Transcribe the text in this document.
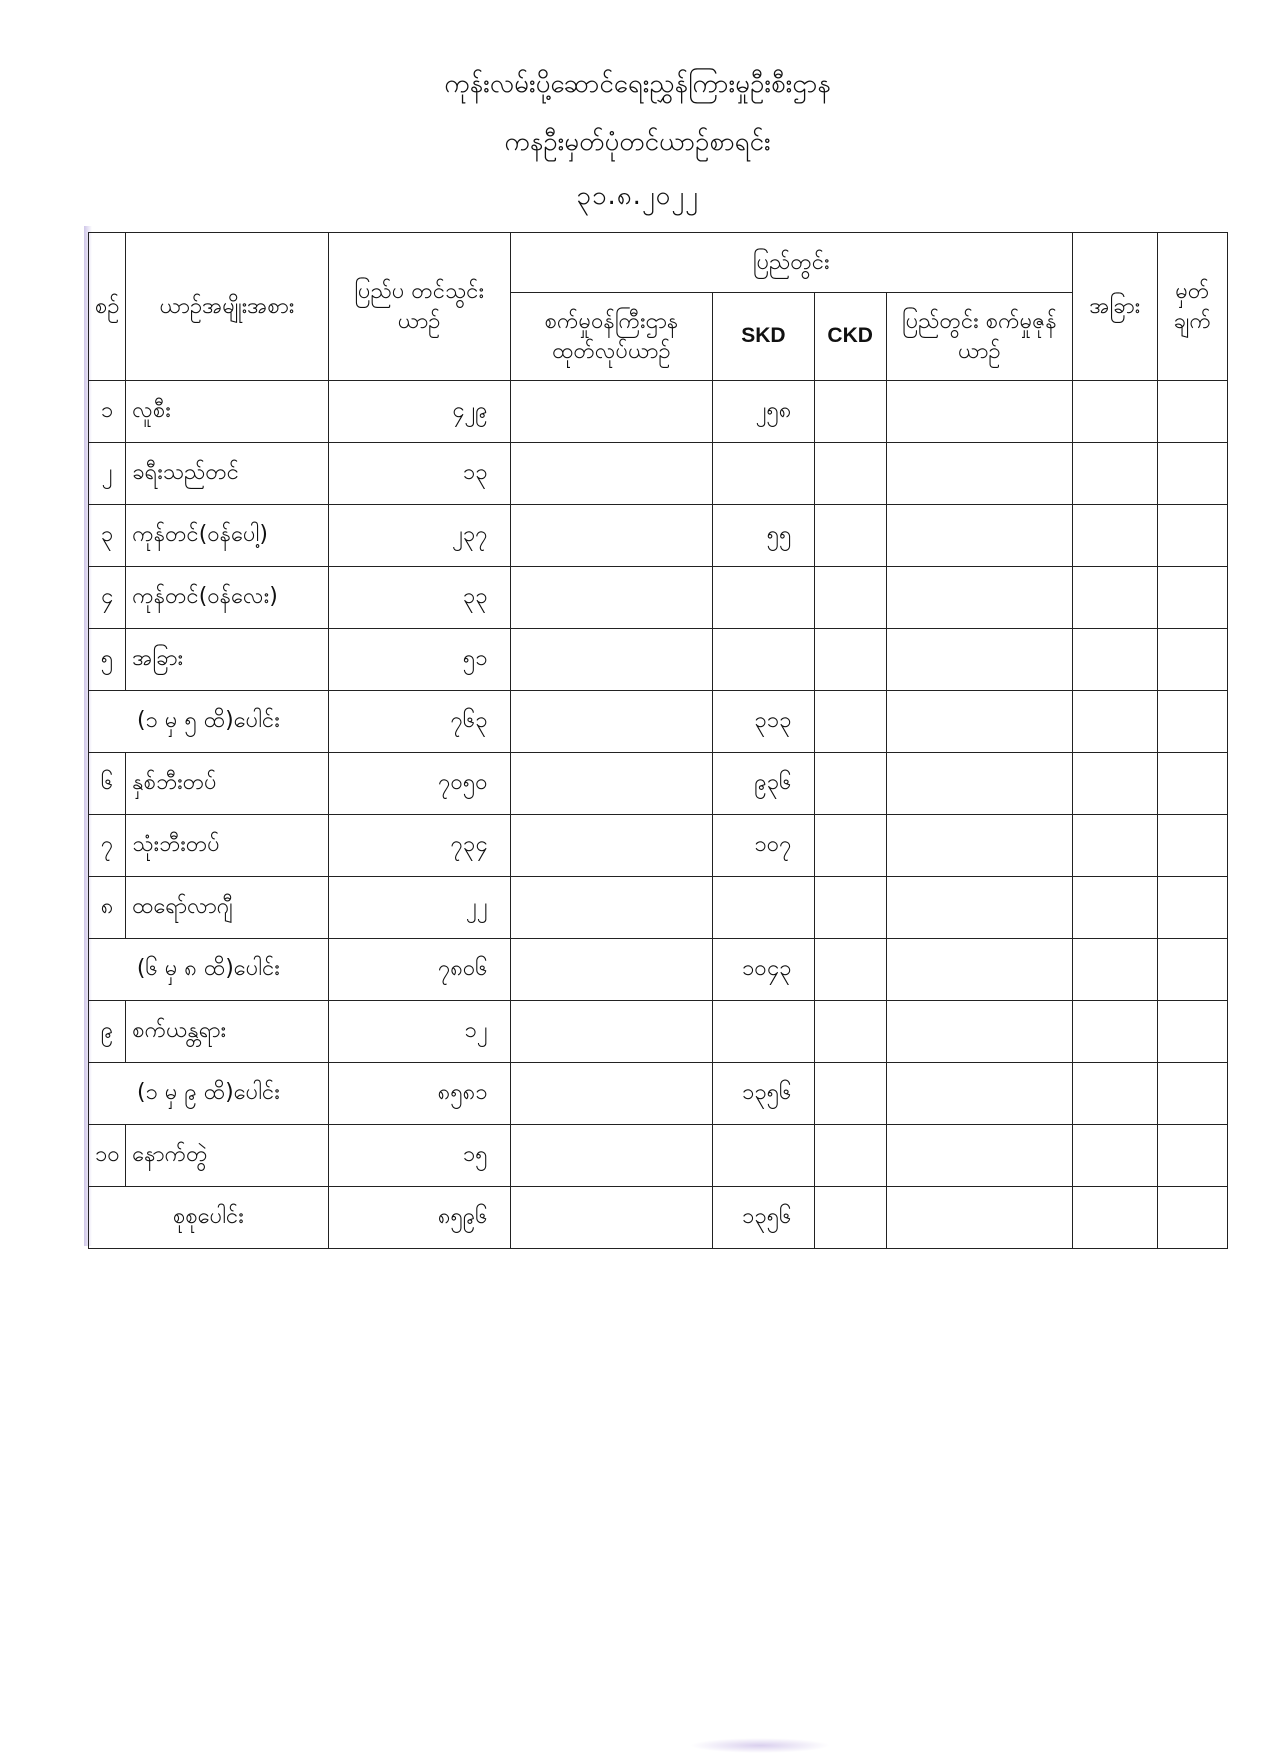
ကုန်းလမ်းပို့ဆောင်ရေးညွှန်ကြားမှုဦးစီးဌာန
ကနဦးမှတ်ပုံတင်ယာဉ်စာရင်း
၃၁.၈.၂၀၂၂
စဉ်	ယာဉ်အမျိုးအစား	ပြည်ပ တင်သွင်းယာဉ်	ပြည်တွင်း				အခြား	မှတ် ချက်
			စက်မှုဝန်ကြီးဌာန ထုတ်လုပ်ယာဉ်	SKD	CKD	ပြည်တွင်း စက်မှုဇုန်ယာဉ်		
၁	လူစီး	၄၂၉		၂၅၈				
၂	ခရီးသည်တင်	၁၃						
၃	ကုန်တင်(ဝန်ပေါ့)	၂၃၇		၅၅				
၄	ကုန်တင်(ဝန်လေး)	၃၃						
၅	အခြား	၅၁						
(၁ မှ ၅ ထိ)ပေါင်း		၇၆၃		၃၁၃				
၆	နှစ်ဘီးတပ်	၇၀၅၀		၉၃၆				
၇	သုံးဘီးတပ်	၇၃၄		၁၀၇				
၈	ထရော်လာဂျီ	၂၂						
(၆ မှ ၈ ထိ)ပေါင်း		၇၈၀၆		၁၀၄၃				
၉	စက်ယန္တရား	၁၂						
(၁ မှ ၉ ထိ)ပေါင်း		၈၅၈၁		၁၃၅၆				
၁၀	နောက်တွဲ	၁၅						
စုစုပေါင်း		၈၅၉၆		၁၃၅၆				
